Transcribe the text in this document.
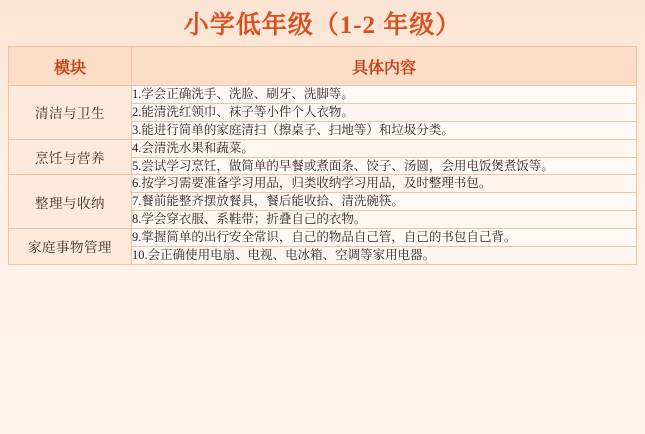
小学低年级（1-2 年级）
模块	具体内容
清洁与卫生	1.学会正确洗手、洗脸、刷牙、洗脚等。
	2.能清洗红领巾、袜子等小件个人衣物。
	3.能进行简单的家庭清扫（擦桌子、扫地等）和垃圾分类。
烹饪与营养	4.会清洗水果和蔬菜。
	5.尝试学习烹饪，做简单的早餐或煮面条、饺子、汤圆，会用电饭煲煮饭等。
整理与收纳	6.按学习需要准备学习用品，归类收纳学习用品，及时整理书包。
	7.餐前能整齐摆放餐具，餐后能收拾、清洗碗筷。
	8.学会穿衣服、系鞋带；折叠自己的衣物。
家庭事物管理	9.掌握简单的出行安全常识，自己的物品自己管，自己的书包自己背。
	10.会正确使用电扇、电视、电冰箱、空调等家用电器。
